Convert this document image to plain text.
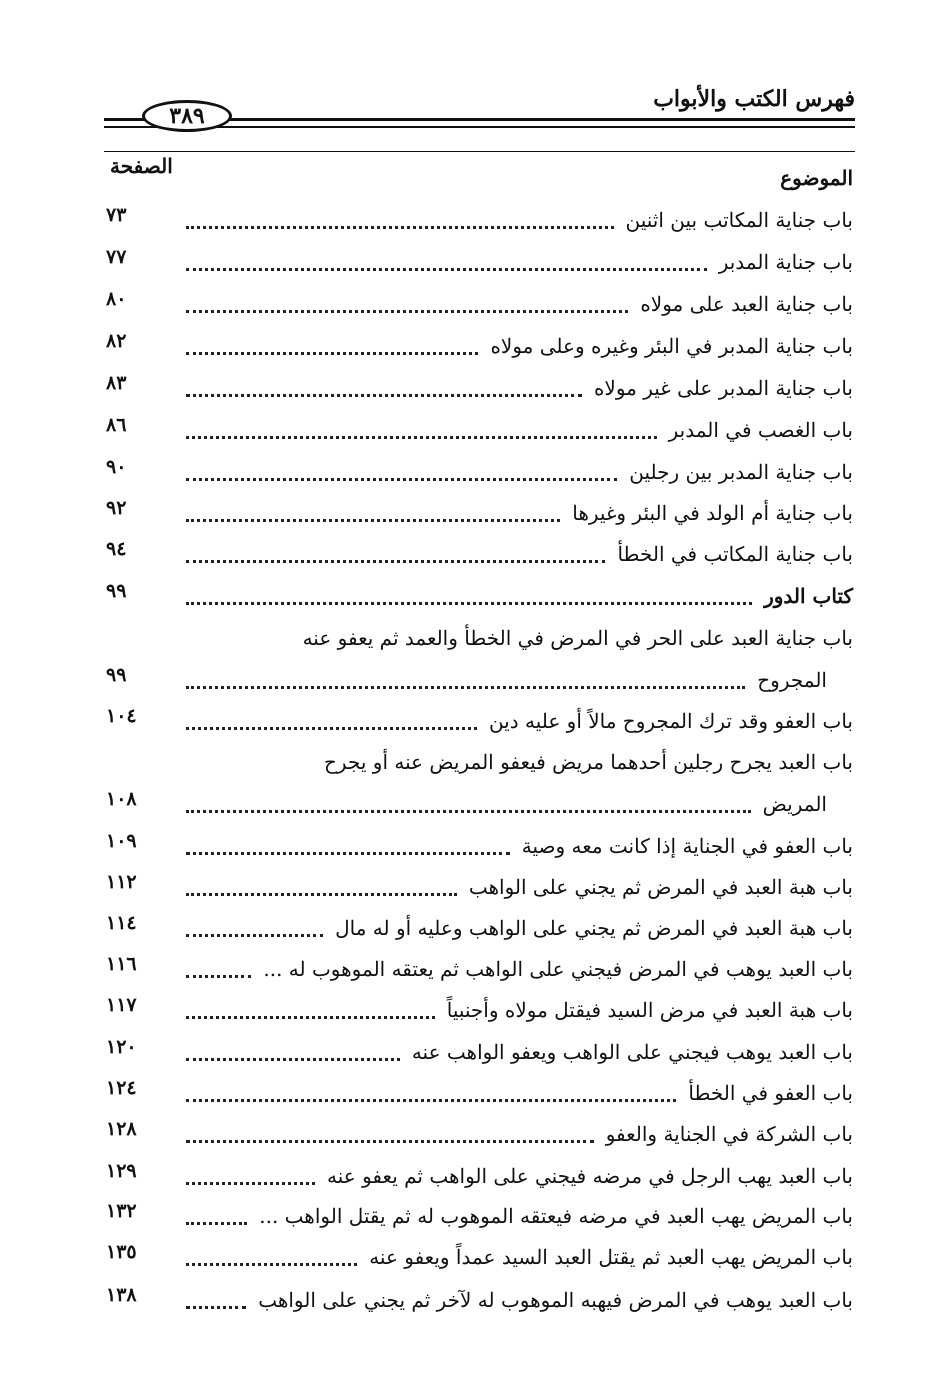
فهرس الكتب والأبواب
٣٨٩
الموضوع
الصفحة
باب جناية المكاتب بين اثنين
٧٣
باب جناية المدبر
٧٧
باب جناية العبد على مولاه
٨٠
باب جناية المدبر في البئر وغيره وعلى مولاه
٨٢
باب جناية المدبر على غير مولاه
٨٣
باب الغصب في المدبر
٨٦
باب جناية المدبر بين رجلين
٩٠
باب جناية أم الولد في البئر وغيرها
٩٢
باب جناية المكاتب في الخطأ
٩٤
كتاب الدور
٩٩
باب جناية العبد على الحر في المرض في الخطأ والعمد ثم يعفو عنه
المجروح
٩٩
باب العفو وقد ترك المجروح مالاً أو عليه دين
١٠٤
باب العبد يجرح رجلين أحدهما مريض فيعفو المريض عنه أو يجرح
المريض
١٠٨
باب العفو في الجناية إذا كانت معه وصية
١٠٩
باب هبة العبد في المرض ثم يجني على الواهب
١١٢
باب هبة العبد في المرض ثم يجني على الواهب وعليه أو له مال
١١٤
باب العبد يوهب في المرض فيجني على الواهب ثم يعتقه الموهوب له ...
١١٦
باب هبة العبد في مرض السيد فيقتل مولاه وأجنبياً
١١٧
باب العبد يوهب فيجني على الواهب ويعفو الواهب عنه
١٢٠
باب العفو في الخطأ
١٢٤
باب الشركة في الجناية والعفو
١٢٨
باب العبد يهب الرجل في مرضه فيجني على الواهب ثم يعفو عنه
١٢٩
باب المريض يهب العبد في مرضه فيعتقه الموهوب له ثم يقتل الواهب ...
١٣٢
باب المريض يهب العبد ثم يقتل العبد السيد عمداً ويعفو عنه
١٣٥
باب العبد يوهب في المرض فيهبه الموهوب له لآخر ثم يجني على الواهب
١٣٨
